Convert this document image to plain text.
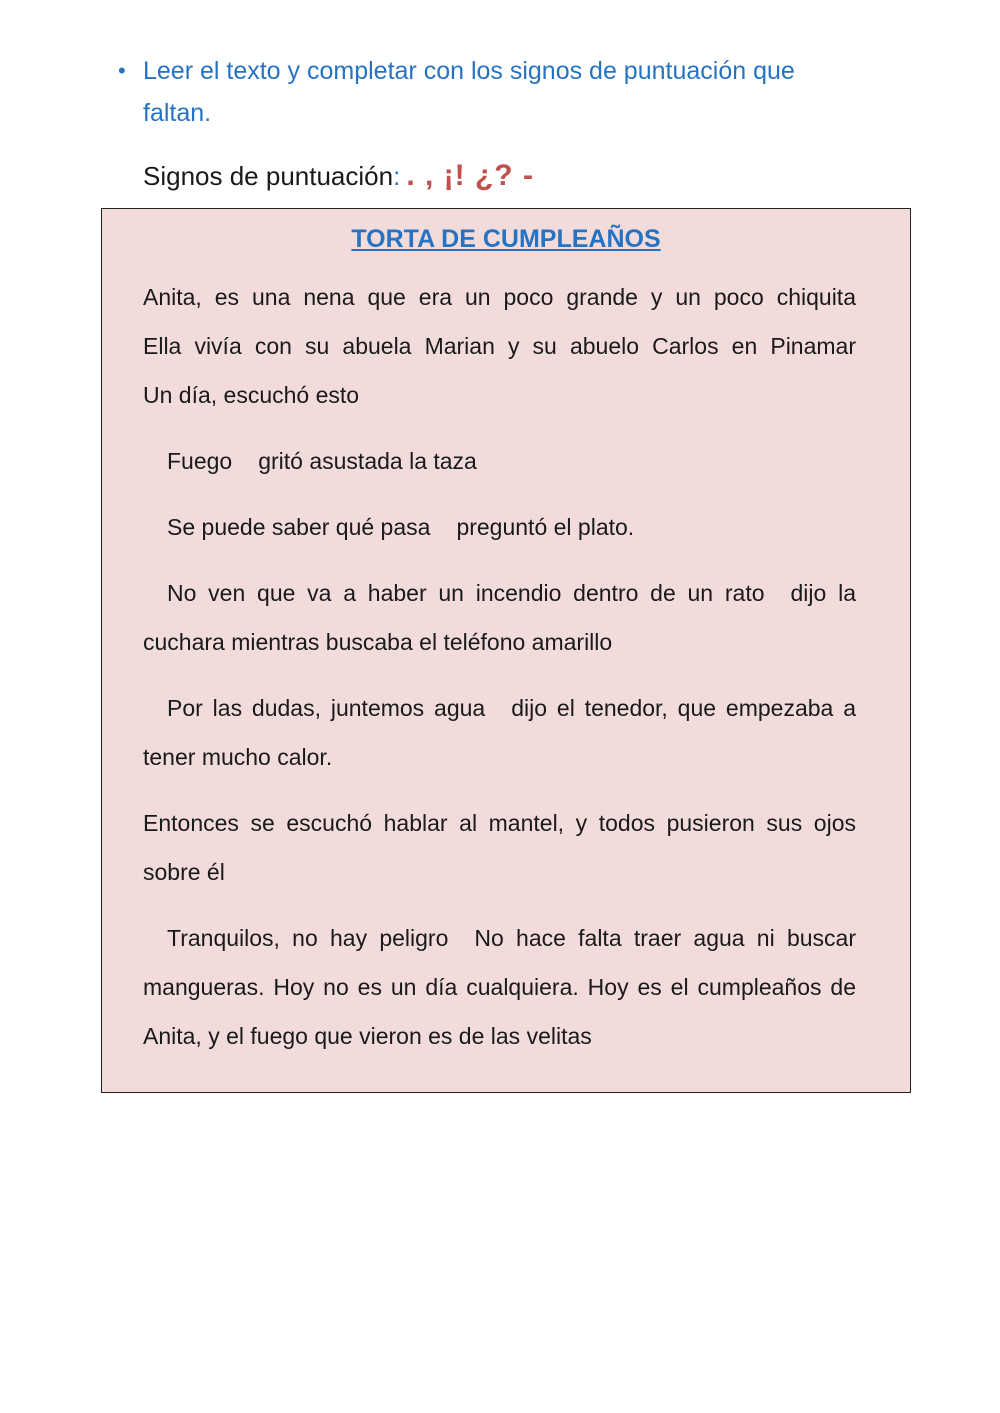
• Leer el texto y completar con los signos de puntuación que faltan.
Signos de puntuación: . , ¡! ¿? -
TORTA DE CUMPLEAÑOS

Anita, es una nena que era un poco grande y un poco chiquita
Ella vivía con su abuela Marian y su abuelo Carlos en Pinamar
Un día, escuchó esto

Fuego gritó asustada la taza

Se puede saber qué pasa preguntó el plato.

No ven que va a haber un incendio dentro de un rato dijo la cuchara mientras buscaba el teléfono amarillo

Por las dudas, juntemos agua dijo el tenedor, que empezaba a tener mucho calor.

Entonces se escuchó hablar al mantel, y todos pusieron sus ojos sobre él

Tranquilos, no hay peligro No hace falta traer agua ni buscar mangueras. Hoy no es un día cualquiera. Hoy es el cumpleaños de Anita, y el fuego que vieron es de las velitas
